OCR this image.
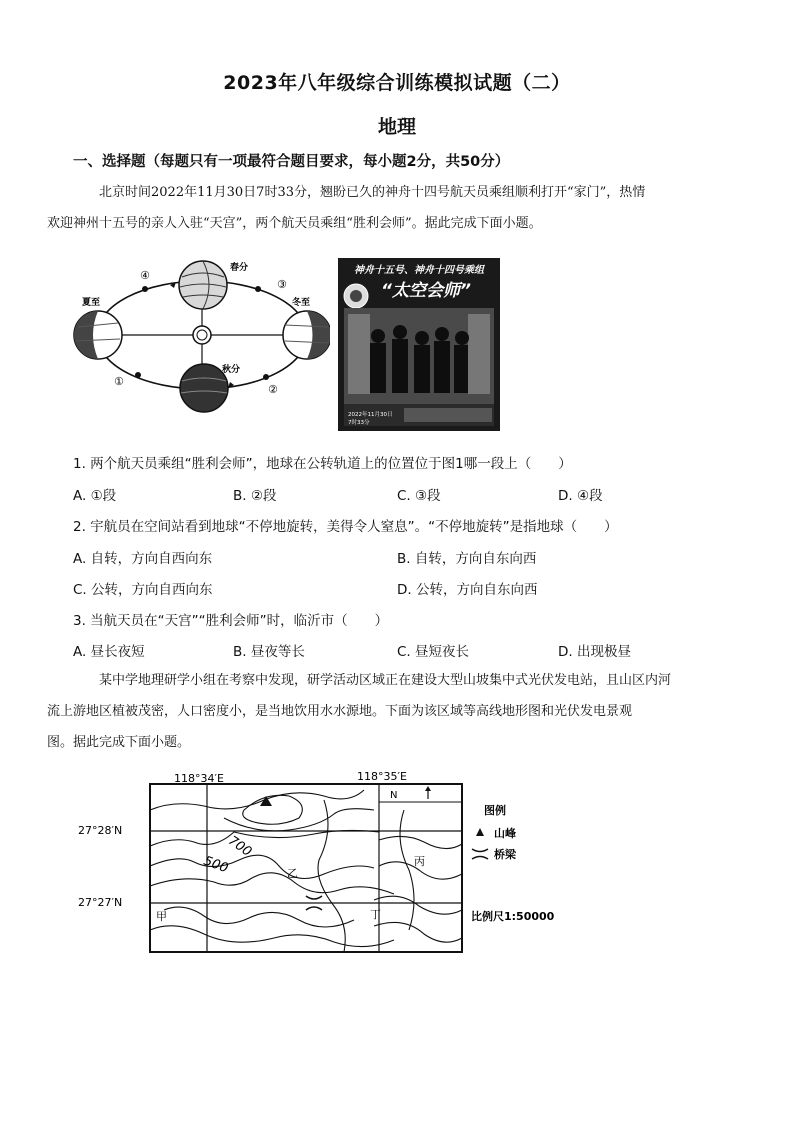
2023年八年级综合训练模拟试题（二）
地理
一、选择题（每题只有一项最符合题目要求，每小题2分，共50分）
北京时间2022年11月30日7时33分，翘盼已久的神舟十四号航天员乘组顺利打开“家门”，热情
欢迎神州十五号的亲人入驻“天宫”，两个航天员乘组“胜利会师”。据此完成下面小题。
春分
夏至	冬至
秋分
④
③
①
②
神舟十五号、神舟十四号乘组
“太空会师”
2022年11月30日
7时33分
1. 两个航天员乘组“胜利会师”，地球在公转轨道上的位置位于图1哪一段上（　　）
A. ①段	B. ②段	C. ③段	D. ④段
2. 宇航员在空间站看到地球“不停地旋转，美得令人窒息”。“不停地旋转”是指地球（　　）
A. 自转，方向自西向东	B. 自转，方向自东向西
C. 公转，方向自西向东	D. 公转，方向自东向西
3. 当航天员在“天宫”“胜利会师”时，临沂市（　　）
A. 昼长夜短	B. 昼夜等长	C. 昼短夜长	D. 出现极昼
某中学地理研学小组在考察中发现，研学活动区域正在建设大型山坡集中式光伏发电站，且山区内河
流上游地区植被茂密，人口密度小，是当地饮用水水源地。下面为该区域等高线地形图和光伏发电景观
图。据此完成下面小题。
118°34′E	118°35′E
27°28′N
27°27′N
N
700
500
甲
乙
丙
丁
图例
山峰
桥梁
比例尺1:50000
